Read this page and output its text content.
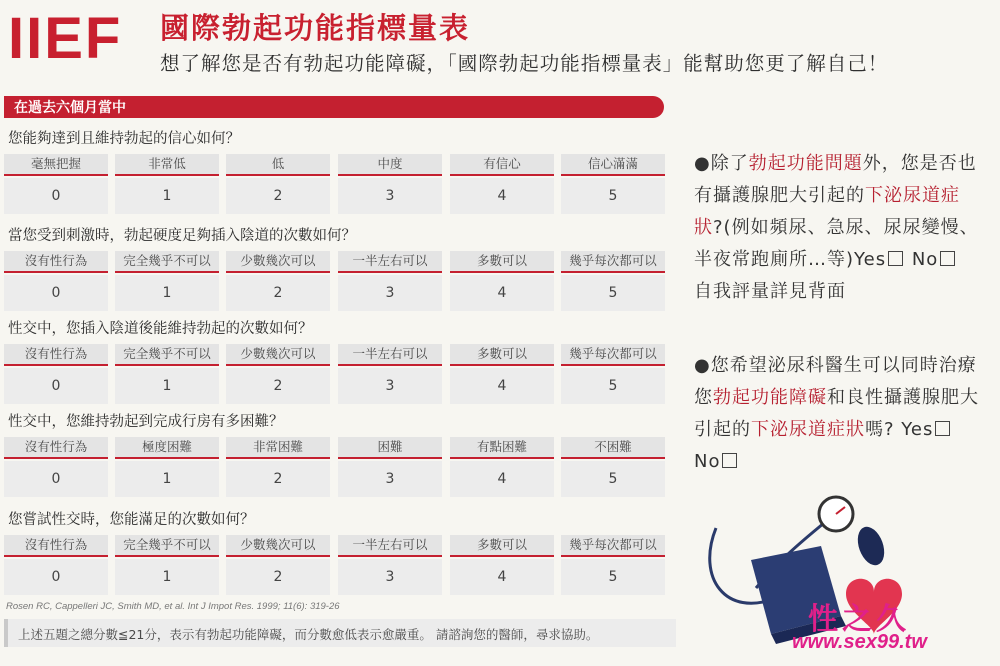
IIEF 國際勃起功能指標量表
想了解您是否有勃起功能障礙，「國際勃起功能指標量表」能幫助您更了解自己！
在過去六個月當中
您能夠達到且維持勃起的信心如何？
毫無把握	非常低	低	中度	有信心	信心滿滿
0	1	2	3	4	5
當您受到刺激時，勃起硬度足夠插入陰道的次數如何？
沒有性行為	完全幾乎不可以	少數幾次可以	一半左右可以	多數可以	幾乎每次都可以
0	1	2	3	4	5
性交中，您插入陰道後能維持勃起的次數如何？
沒有性行為	完全幾乎不可以	少數幾次可以	一半左右可以	多數可以	幾乎每次都可以
0	1	2	3	4	5
性交中，您維持勃起到完成行房有多困難？
沒有性行為	極度困難	非常困難	困難	有點困難	不困難
0	1	2	3	4	5
您嘗試性交時，您能滿足的次數如何？
沒有性行為	完全幾乎不可以	少數幾次可以	一半左右可以	多數可以	幾乎每次都可以
0	1	2	3	4	5
Rosen RC, Cappelleri JC, Smith MD, et al. Int J Impot Res. 1999; 11(6): 319-26
上述五題之總分數≦21分，表示有勃起功能障礙，而分數愈低表示愈嚴重。 請諮詢您的醫師，尋求協助。
●除了勃起功能問題外，您是否也有攝護腺肥大引起的下泌尿道症狀?(例如頻尿、急尿、尿尿變慢、半夜常跑廁所…等)Yes No
自我評量詳見背面
●您希望泌尿科醫生可以同時治療您勃起功能障礙和良性攝護腺肥大引起的下泌尿道症狀嗎? Yes No
性之久
www.sex99.tw
